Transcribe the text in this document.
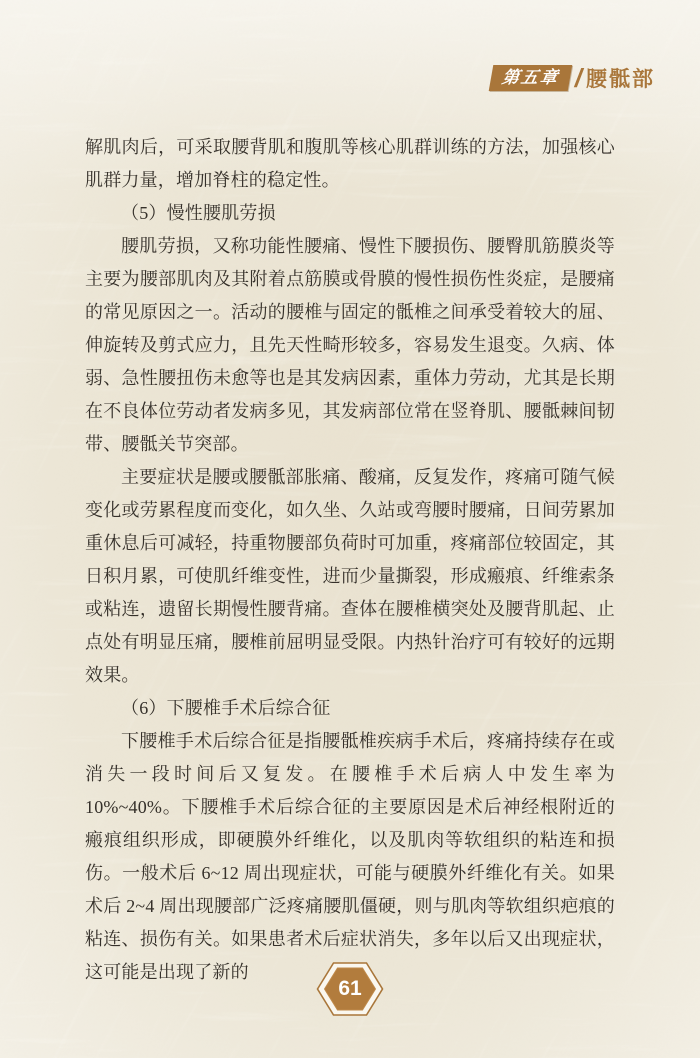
第五章 / 腰骶部

解肌肉后，可采取腰背肌和腹肌等核心肌群训练的方法，加强核心肌群力量，增加脊柱的稳定性。

（5）慢性腰肌劳损

腰肌劳损，又称功能性腰痛、慢性下腰损伤、腰臀肌筋膜炎等主要为腰部肌肉及其附着点筋膜或骨膜的慢性损伤性炎症，是腰痛的常见原因之一。活动的腰椎与固定的骶椎之间承受着较大的屈、伸旋转及剪式应力，且先天性畸形较多，容易发生退变。久病、体弱、急性腰扭伤未愈等也是其发病因素，重体力劳动，尤其是长期在不良体位劳动者发病多见，其发病部位常在竖脊肌、腰骶棘间韧带、腰骶关节突部。

主要症状是腰或腰骶部胀痛、酸痛，反复发作，疼痛可随气候变化或劳累程度而变化，如久坐、久站或弯腰时腰痛，日间劳累加重休息后可减轻，持重物腰部负荷时可加重，疼痛部位较固定，其日积月累，可使肌纤维变性，进而少量撕裂，形成瘢痕、纤维索条或粘连，遗留长期慢性腰背痛。查体在腰椎横突处及腰背肌起、止点处有明显压痛，腰椎前屈明显受限。内热针治疗可有较好的远期效果。

（6）下腰椎手术后综合征

下腰椎手术后综合征是指腰骶椎疾病手术后，疼痛持续存在或消失一段时间后又复发。在腰椎手术后病人中发生率为 10%~40%。下腰椎手术后综合征的主要原因是术后神经根附近的瘢痕组织形成，即硬膜外纤维化，以及肌肉等软组织的粘连和损伤。一般术后 6~12 周出现症状，可能与硬膜外纤维化有关。如果术后 2~4 周出现腰部广泛疼痛腰肌僵硬，则与肌肉等软组织疤痕的粘连、损伤有关。如果患者术后症状消失，多年以后又出现症状，这可能是出现了新的

61
